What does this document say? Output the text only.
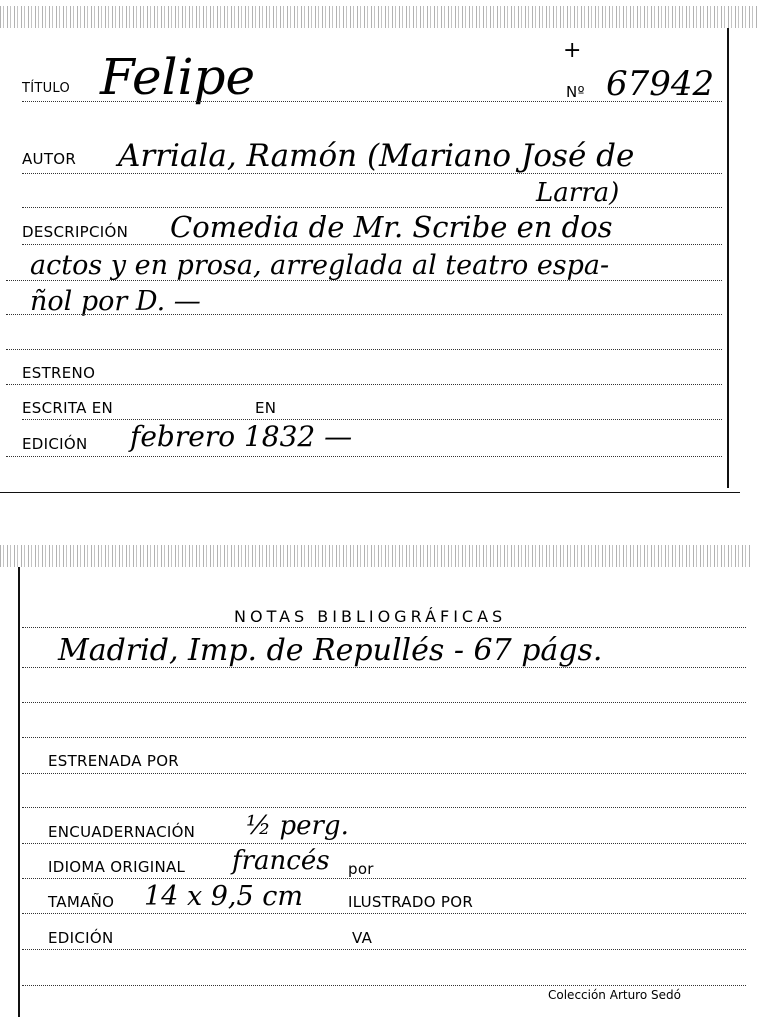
+
TÍTULO Felipe	Nº 67942
AUTOR Arriala, Ramón (Mariano José de
Larra)
DESCRIPCIÓN Comedia de Mr. Scribe en dos
actos y en prosa, arreglada al teatro espa-
ñol por D. —
ESTRENO
ESCRITA EN	EN
EDICIÓN febrero 1832 —
NOTAS BIBLIOGRÁFICAS
Madrid, Imp. de Repullés - 67 págs.
ESTRENADA POR
ENCUADERNACIÓN ½ perg.
IDIOMA ORIGINAL francés por
TAMAÑO 14 x 9,5 cm	ILUSTRADO POR
EDICIÓN	VA
Colección Arturo Sedó
